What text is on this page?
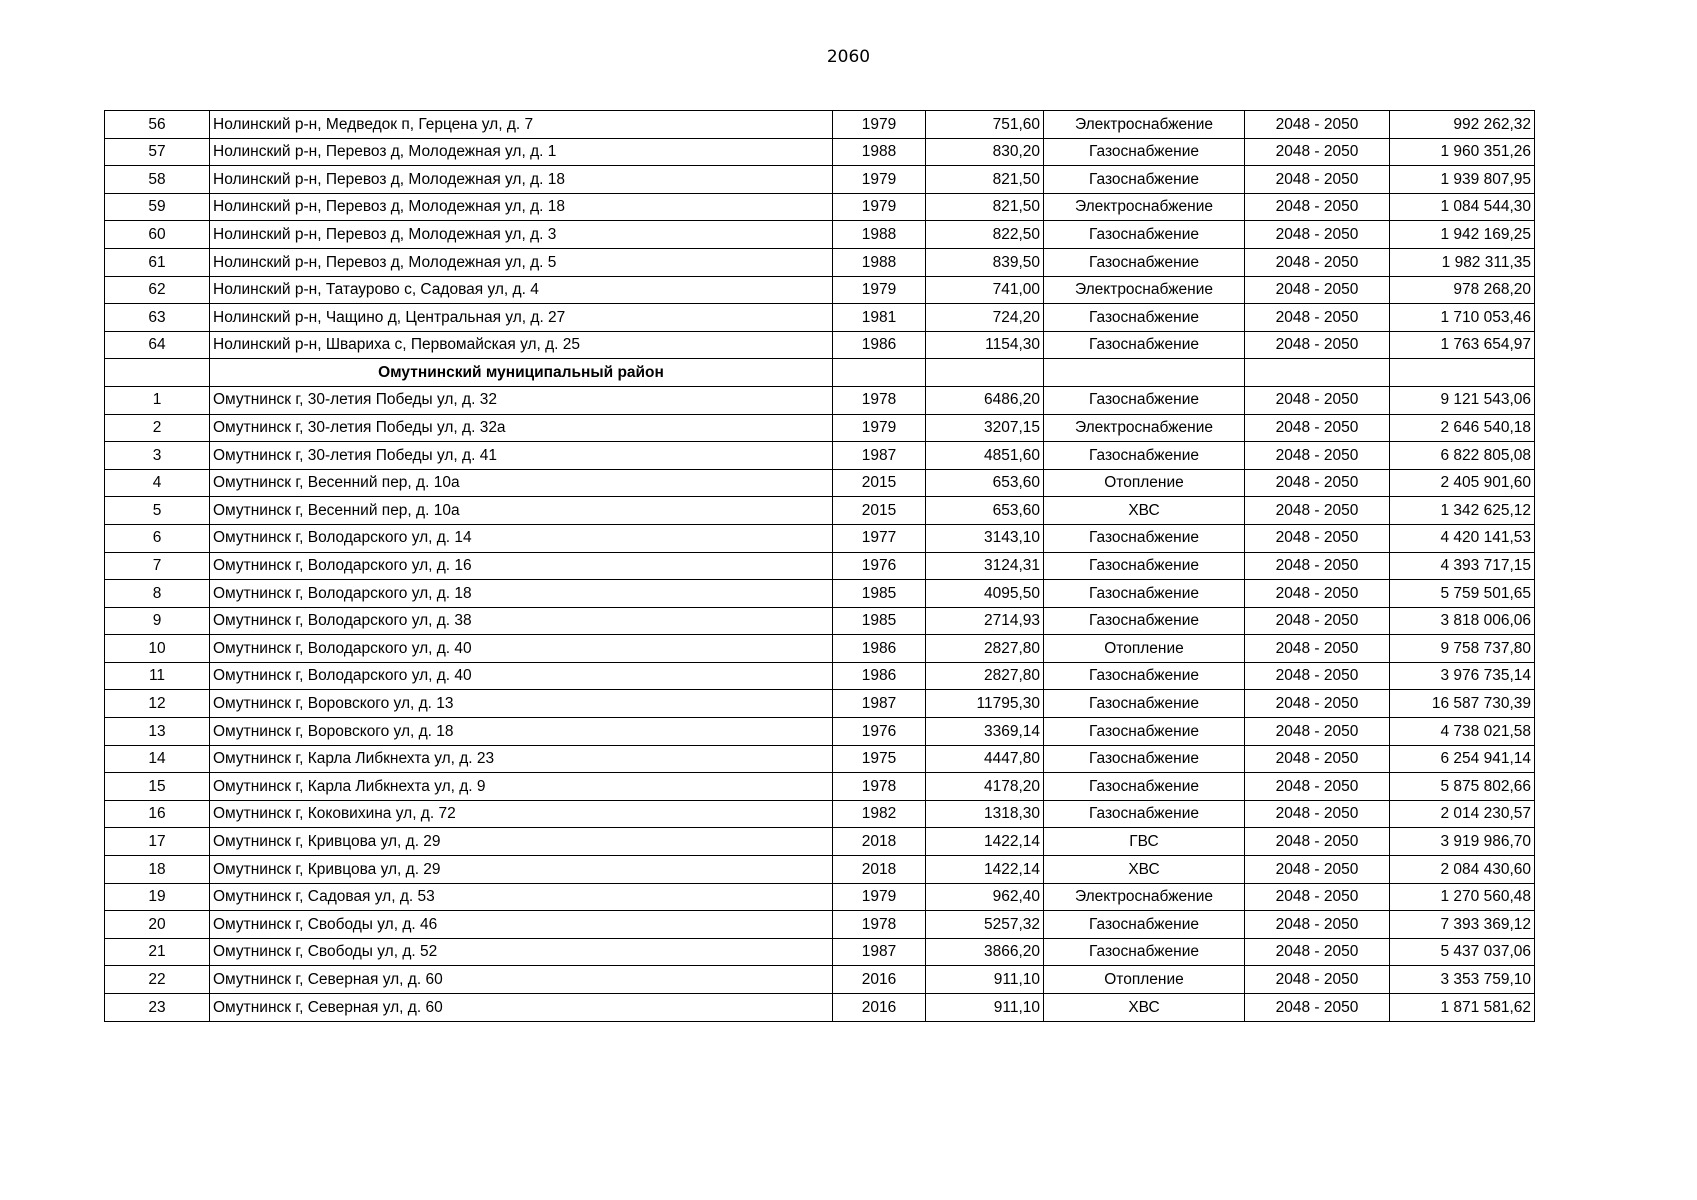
2060
56	Нолинский р-н, Медведок п, Герцена ул, д. 7	1979	751,60	Электроснабжение	2048 - 2050	992 262,32
57	Нолинский р-н, Перевоз д, Молодежная ул, д. 1	1988	830,20	Газоснабжение	2048 - 2050	1 960 351,26
58	Нолинский р-н, Перевоз д, Молодежная ул, д. 18	1979	821,50	Газоснабжение	2048 - 2050	1 939 807,95
59	Нолинский р-н, Перевоз д, Молодежная ул, д. 18	1979	821,50	Электроснабжение	2048 - 2050	1 084 544,30
60	Нолинский р-н, Перевоз д, Молодежная ул, д. 3	1988	822,50	Газоснабжение	2048 - 2050	1 942 169,25
61	Нолинский р-н, Перевоз д, Молодежная ул, д. 5	1988	839,50	Газоснабжение	2048 - 2050	1 982 311,35
62	Нолинский р-н, Татаурово с, Садовая ул, д. 4	1979	741,00	Электроснабжение	2048 - 2050	978 268,20
63	Нолинский р-н, Чащино д, Центральная ул, д. 27	1981	724,20	Газоснабжение	2048 - 2050	1 710 053,46
64	Нолинский р-н, Швариха с, Первомайская ул, д. 25	1986	1154,30	Газоснабжение	2048 - 2050	1 763 654,97
	Омутнинский муниципальный район					
1	Омутнинск г, 30-летия Победы ул, д. 32	1978	6486,20	Газоснабжение	2048 - 2050	9 121 543,06
2	Омутнинск г, 30-летия Победы ул, д. 32а	1979	3207,15	Электроснабжение	2048 - 2050	2 646 540,18
3	Омутнинск г, 30-летия Победы ул, д. 41	1987	4851,60	Газоснабжение	2048 - 2050	6 822 805,08
4	Омутнинск г, Весенний пер, д. 10а	2015	653,60	Отопление	2048 - 2050	2 405 901,60
5	Омутнинск г, Весенний пер, д. 10а	2015	653,60	ХВС	2048 - 2050	1 342 625,12
6	Омутнинск г, Володарского ул, д. 14	1977	3143,10	Газоснабжение	2048 - 2050	4 420 141,53
7	Омутнинск г, Володарского ул, д. 16	1976	3124,31	Газоснабжение	2048 - 2050	4 393 717,15
8	Омутнинск г, Володарского ул, д. 18	1985	4095,50	Газоснабжение	2048 - 2050	5 759 501,65
9	Омутнинск г, Володарского ул, д. 38	1985	2714,93	Газоснабжение	2048 - 2050	3 818 006,06
10	Омутнинск г, Володарского ул, д. 40	1986	2827,80	Отопление	2048 - 2050	9 758 737,80
11	Омутнинск г, Володарского ул, д. 40	1986	2827,80	Газоснабжение	2048 - 2050	3 976 735,14
12	Омутнинск г, Воровского ул, д. 13	1987	11795,30	Газоснабжение	2048 - 2050	16 587 730,39
13	Омутнинск г, Воровского ул, д. 18	1976	3369,14	Газоснабжение	2048 - 2050	4 738 021,58
14	Омутнинск г, Карла Либкнехта ул, д. 23	1975	4447,80	Газоснабжение	2048 - 2050	6 254 941,14
15	Омутнинск г, Карла Либкнехта ул, д. 9	1978	4178,20	Газоснабжение	2048 - 2050	5 875 802,66
16	Омутнинск г, Коковихина ул, д. 72	1982	1318,30	Газоснабжение	2048 - 2050	2 014 230,57
17	Омутнинск г, Кривцова ул, д. 29	2018	1422,14	ГВС	2048 - 2050	3 919 986,70
18	Омутнинск г, Кривцова ул, д. 29	2018	1422,14	ХВС	2048 - 2050	2 084 430,60
19	Омутнинск г, Садовая ул, д. 53	1979	962,40	Электроснабжение	2048 - 2050	1 270 560,48
20	Омутнинск г, Свободы ул, д. 46	1978	5257,32	Газоснабжение	2048 - 2050	7 393 369,12
21	Омутнинск г, Свободы ул, д. 52	1987	3866,20	Газоснабжение	2048 - 2050	5 437 037,06
22	Омутнинск г, Северная ул, д. 60	2016	911,10	Отопление	2048 - 2050	3 353 759,10
23	Омутнинск г, Северная ул, д. 60	2016	911,10	ХВС	2048 - 2050	1 871 581,62
